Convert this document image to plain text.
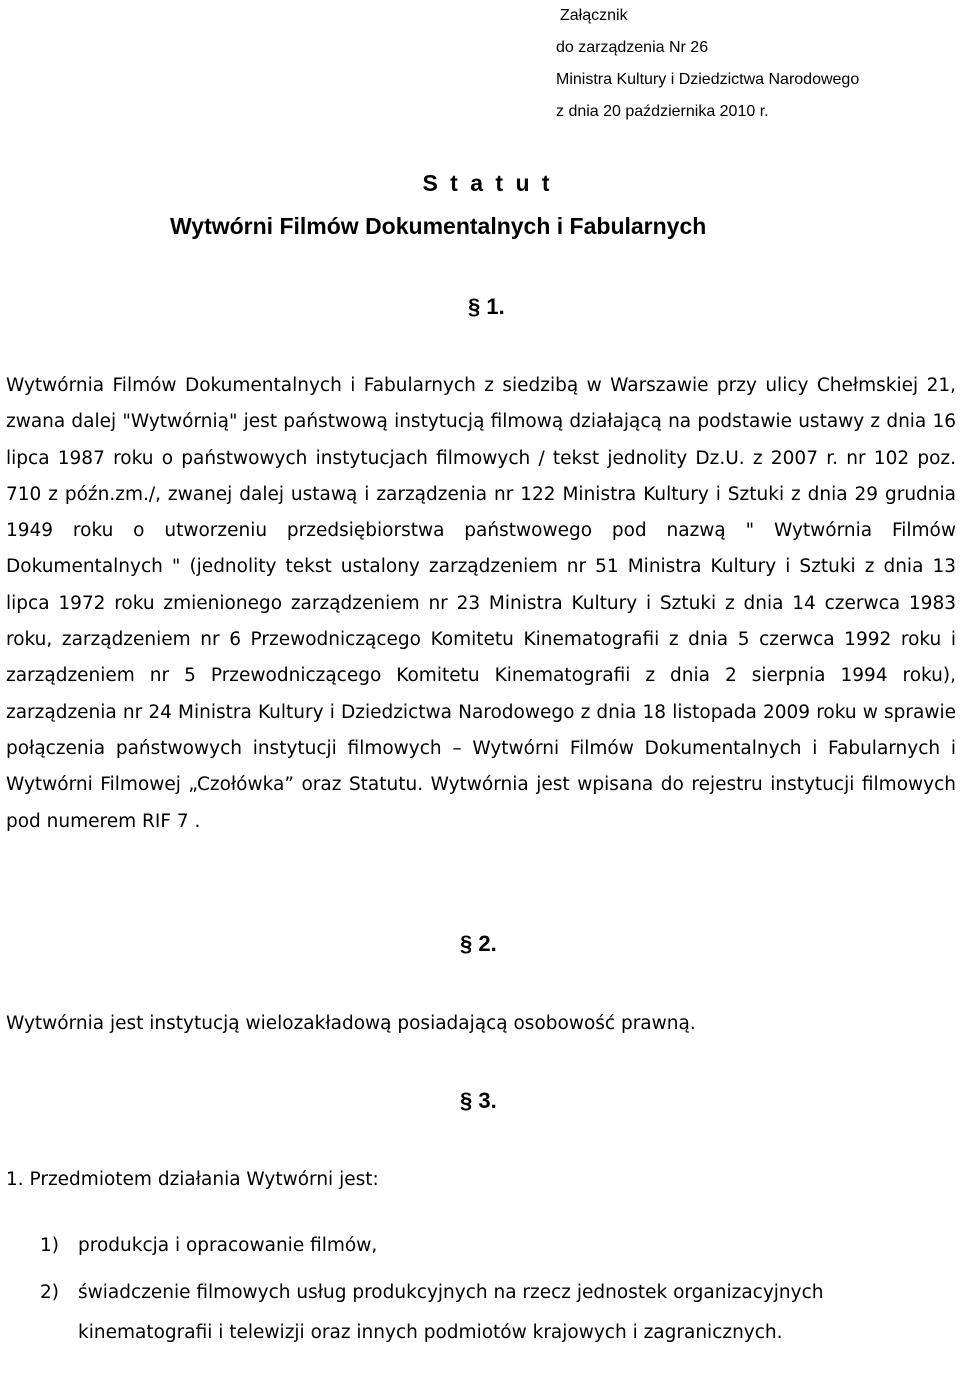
Załącznik
do zarządzenia Nr 26
Ministra Kultury i Dziedzictwa Narodowego
z dnia 20 października 2010 r.
S t a t u t
Wytwórni Filmów Dokumentalnych i Fabularnych
§ 1.
Wytwórnia Filmów Dokumentalnych i Fabularnych z siedzibą w Warszawie przy ulicy Chełmskiej 21, zwana dalej "Wytwórnią" jest państwową instytucją filmową działającą na podstawie ustawy z dnia 16 lipca 1987 roku o państwowych instytucjach filmowych / tekst jednolity Dz.U. z 2007 r. nr 102 poz. 710 z późn.zm./, zwanej dalej ustawą i zarządzenia nr 122 Ministra Kultury i Sztuki z dnia 29 grudnia 1949 roku o utworzeniu przedsiębiorstwa państwowego pod nazwą " Wytwórnia Filmów Dokumentalnych " (jednolity tekst ustalony zarządzeniem nr 51 Ministra Kultury i Sztuki z dnia 13 lipca 1972 roku zmienionego zarządzeniem nr 23 Ministra Kultury i Sztuki z dnia 14 czerwca 1983 roku, zarządzeniem nr 6 Przewodniczącego Komitetu Kinematografii z dnia 5 czerwca 1992 roku i zarządzeniem nr 5 Przewodniczącego Komitetu Kinematografii z dnia 2 sierpnia 1994 roku), zarządzenia nr 24 Ministra Kultury i Dziedzictwa Narodowego z dnia 18 listopada 2009 roku w sprawie połączenia państwowych instytucji filmowych – Wytwórni Filmów Dokumentalnych i Fabularnych i Wytwórni Filmowej „Czołówka” oraz Statutu. Wytwórnia jest wpisana do rejestru instytucji filmowych pod numerem RIF 7 .
§ 2.
Wytwórnia jest instytucją wielozakładową posiadającą osobowość prawną.
§ 3.
1. Przedmiotem działania Wytwórni jest:
1)	produkcja i opracowanie filmów,
2)	świadczenie filmowych usług produkcyjnych na rzecz jednostek organizacyjnych kinematografii i telewizji oraz innych podmiotów krajowych i zagranicznych.
